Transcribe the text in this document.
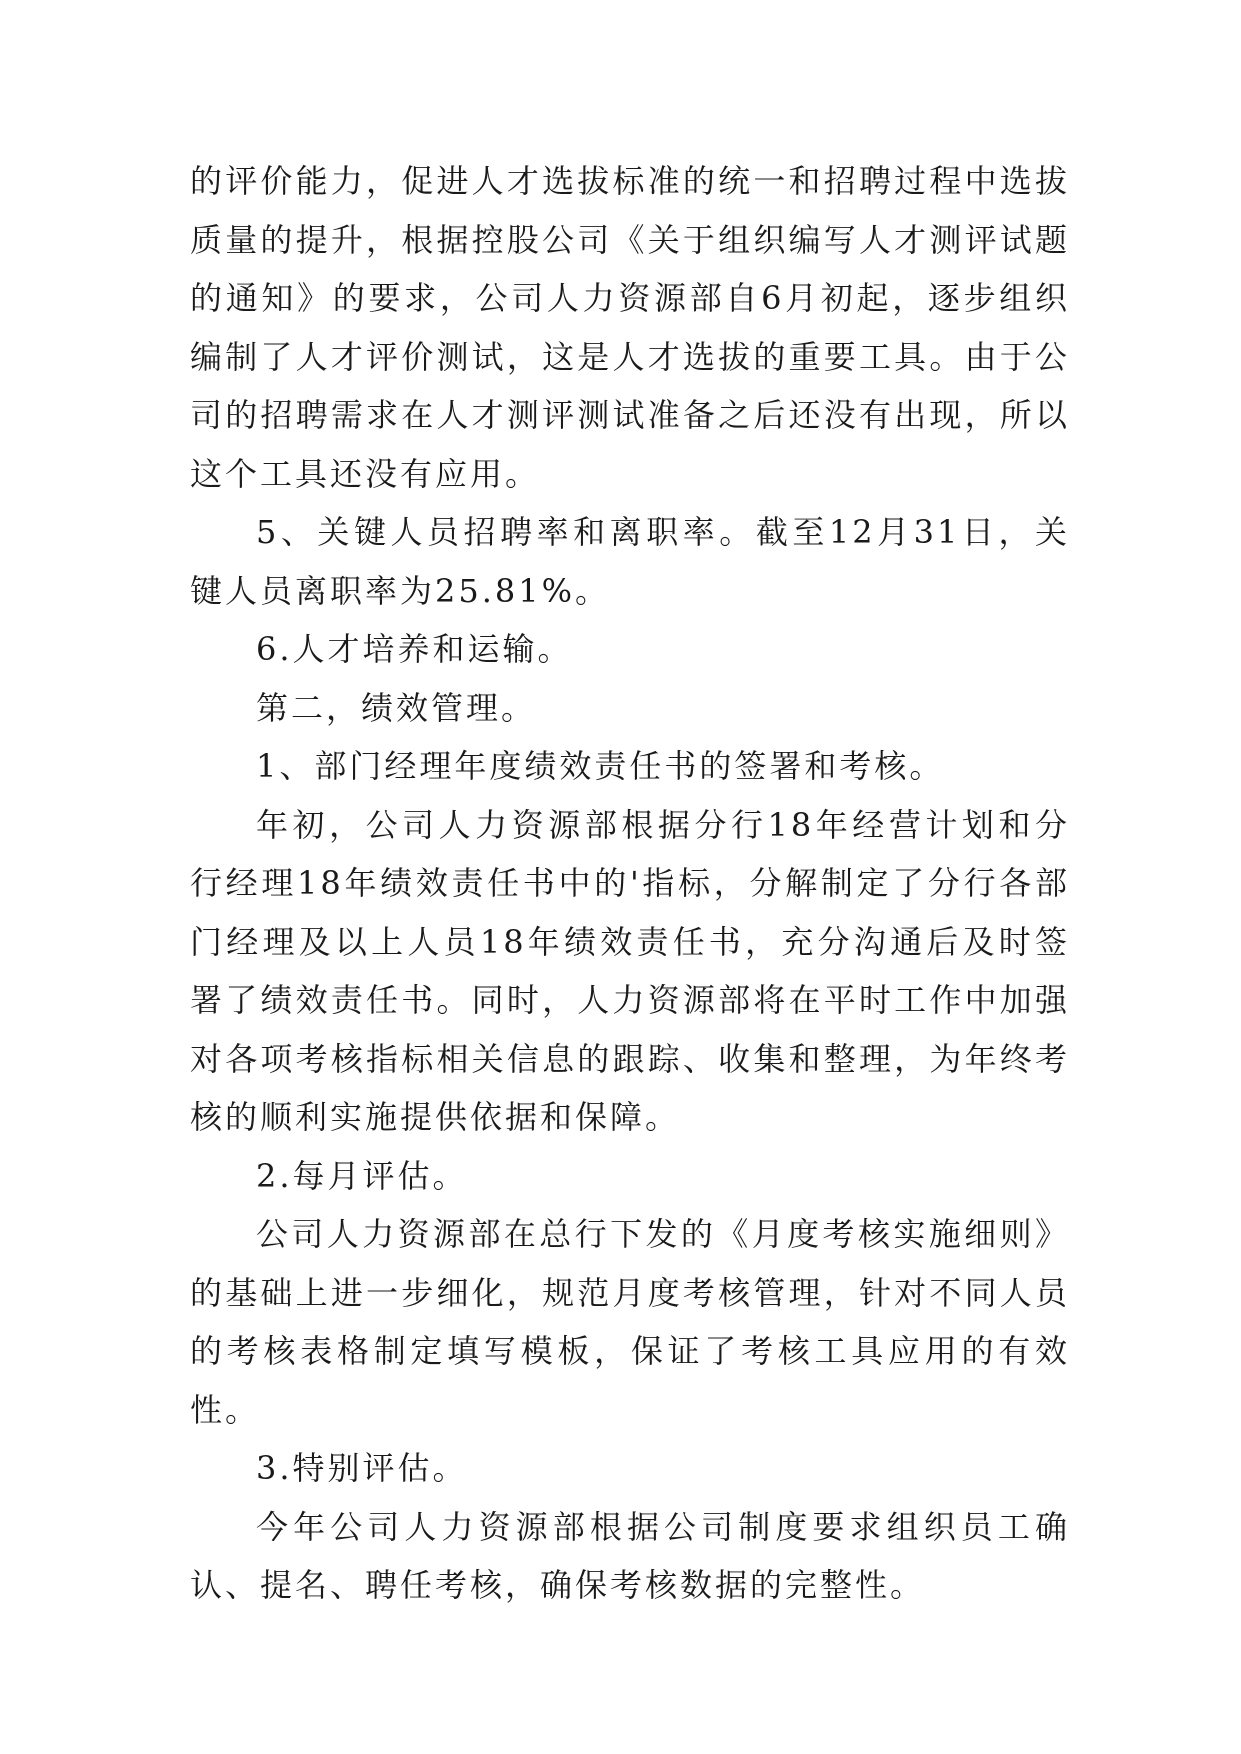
的评价能力，促进人才选拔标准的统一和招聘过程中选拔质量的提升，根据控股公司《关于组织编写人才测评试题的通知》的要求，公司人力资源部自6月初起，逐步组织编制了人才评价测试，这是人才选拔的重要工具。由于公司的招聘需求在人才测评测试准备之后还没有出现，所以这个工具还没有应用。

5、关键人员招聘率和离职率。截至12月31日，关键人员离职率为25.81%。

6.人才培养和运输。

第二，绩效管理。

1、部门经理年度绩效责任书的签署和考核。

年初，公司人力资源部根据分行18年经营计划和分行经理18年绩效责任书中的'指标，分解制定了分行各部门经理及以上人员18年绩效责任书，充分沟通后及时签署了绩效责任书。同时，人力资源部将在平时工作中加强对各项考核指标相关信息的跟踪、收集和整理，为年终考核的顺利实施提供依据和保障。

2.每月评估。

公司人力资源部在总行下发的《月度考核实施细则》的基础上进一步细化，规范月度考核管理，针对不同人员的考核表格制定填写模板，保证了考核工具应用的有效性。

3.特别评估。

今年公司人力资源部根据公司制度要求组织员工确认、提名、聘任考核，确保考核数据的完整性。
